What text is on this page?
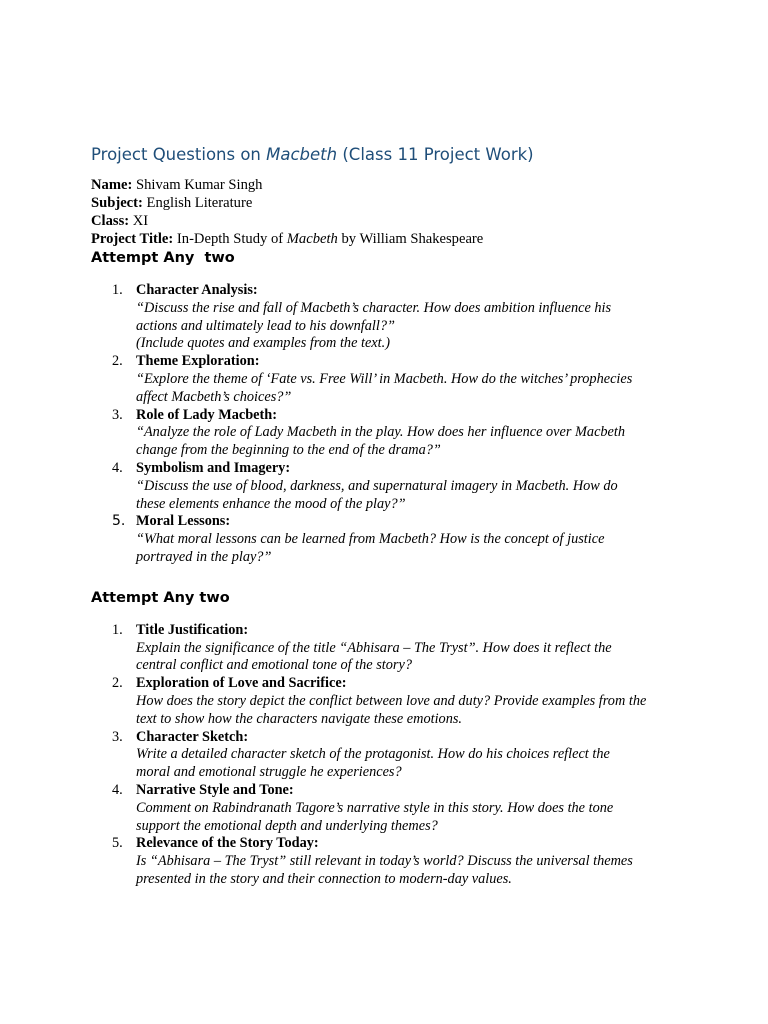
Project Questions on Macbeth (Class 11 Project Work)
Name: Shivam Kumar Singh
Subject: English Literature
Class: XI
Project Title: In-Depth Study of Macbeth by William Shakespeare
Attempt Any  two
1. Character Analysis:
“Discuss the rise and fall of Macbeth’s character. How does ambition influence his
actions and ultimately lead to his downfall?”
(Include quotes and examples from the text.)
2. Theme Exploration:
“Explore the theme of ‘Fate vs. Free Will’ in Macbeth. How do the witches’ prophecies
affect Macbeth’s choices?”
3. Role of Lady Macbeth:
“Analyze the role of Lady Macbeth in the play. How does her influence over Macbeth
change from the beginning to the end of the drama?”
4. Symbolism and Imagery:
“Discuss the use of blood, darkness, and supernatural imagery in Macbeth. How do
these elements enhance the mood of the play?”
5. Moral Lessons:
“What moral lessons can be learned from Macbeth? How is the concept of justice
portrayed in the play?”
Attempt Any two
1. Title Justification:
Explain the significance of the title “Abhisara – The Tryst”. How does it reflect the
central conflict and emotional tone of the story?
2. Exploration of Love and Sacrifice:
How does the story depict the conflict between love and duty? Provide examples from the
text to show how the characters navigate these emotions.
3. Character Sketch:
Write a detailed character sketch of the protagonist. How do his choices reflect the
moral and emotional struggle he experiences?
4. Narrative Style and Tone:
Comment on Rabindranath Tagore’s narrative style in this story. How does the tone
support the emotional depth and underlying themes?
5. Relevance of the Story Today:
Is “Abhisara – The Tryst” still relevant in today’s world? Discuss the universal themes
presented in the story and their connection to modern-day values.
